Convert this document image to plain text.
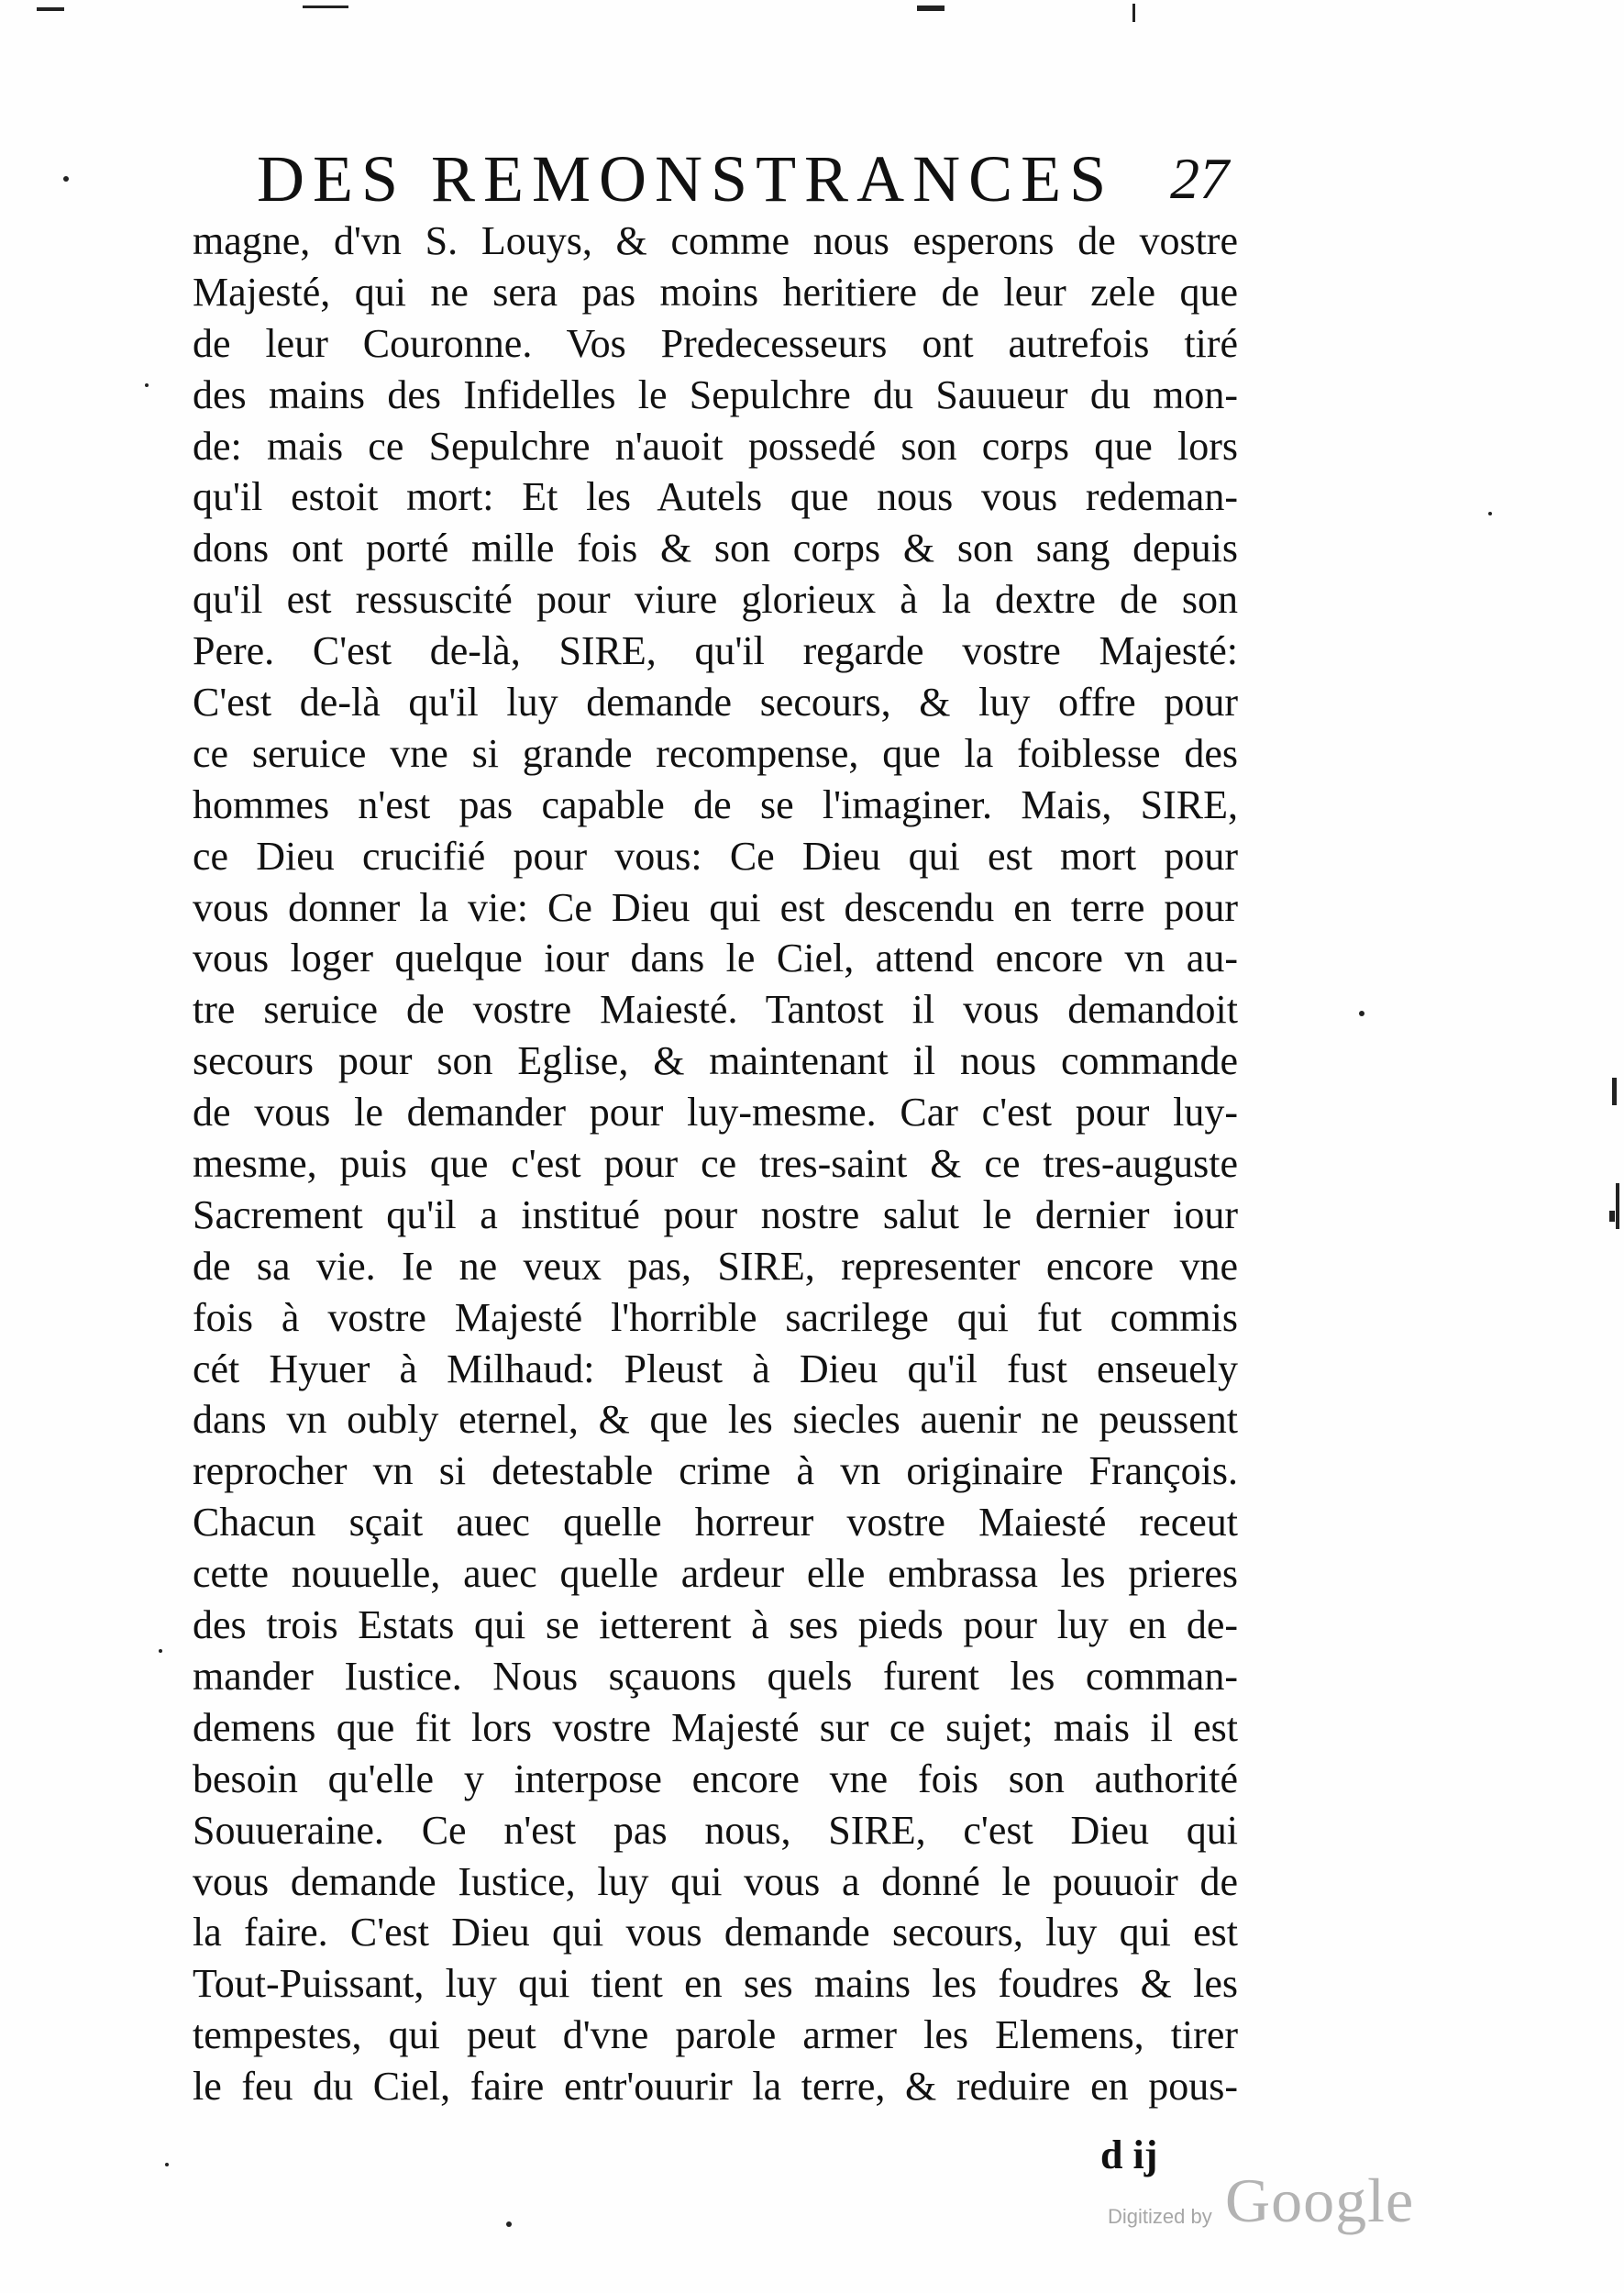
DES REMONSTRANCES 27
magne, d'vn S. Louys, & comme nous esperons de vostre
Majesté, qui ne sera pas moins heritiere de leur zele que
de leur Couronne. Vos Predecesseurs ont autrefois tiré
des mains des Infidelles le Sepulchre du Sauueur du mon-
de: mais ce Sepulchre n'auoit possedé son corps que lors
qu'il estoit mort: Et les Autels que nous vous redeman-
dons ont porté mille fois & son corps & son sang depuis
qu'il est ressuscité pour viure glorieux à la dextre de son
Pere. C'est de-là, SIRE, qu'il regarde vostre Majesté:
C'est de-là qu'il luy demande secours, & luy offre pour
ce seruice vne si grande recompense, que la foiblesse des
hommes n'est pas capable de se l'imaginer. Mais, SIRE,
ce Dieu crucifié pour vous: Ce Dieu qui est mort pour
vous donner la vie: Ce Dieu qui est descendu en terre pour
vous loger quelque iour dans le Ciel, attend encore vn au-
tre seruice de vostre Maiesté. Tantost il vous demandoit
secours pour son Eglise, & maintenant il nous commande
de vous le demander pour luy-mesme. Car c'est pour luy-
mesme, puis que c'est pour ce tres-saint & ce tres-auguste
Sacrement qu'il a institué pour nostre salut le dernier iour
de sa vie. Ie ne veux pas, SIRE, representer encore vne
fois à vostre Majesté l'horrible sacrilege qui fut commis
cét Hyuer à Milhaud: Pleust à Dieu qu'il fust enseuely
dans vn oubly eternel, & que les siecles auenir ne peussent
reprocher vn si detestable crime à vn originaire François.
Chacun sçait auec quelle horreur vostre Maiesté receut
cette nouuelle, auec quelle ardeur elle embrassa les prieres
des trois Estats qui se ietterent à ses pieds pour luy en de-
mander Iustice. Nous sçauons quels furent les comman-
demens que fit lors vostre Majesté sur ce sujet; mais il est
besoin qu'elle y interpose encore vne fois son authorité
Souueraine. Ce n'est pas nous, SIRE, c'est Dieu qui
vous demande Iustice, luy qui vous a donné le pouuoir de
la faire. C'est Dieu qui vous demande secours, luy qui est
Tout-Puissant, luy qui tient en ses mains les foudres & les
tempestes, qui peut d'vne parole armer les Elemens, tirer
le feu du Ciel, faire entr'ouurir la terre, & reduire en pous-
d ij
Digitized by Google
